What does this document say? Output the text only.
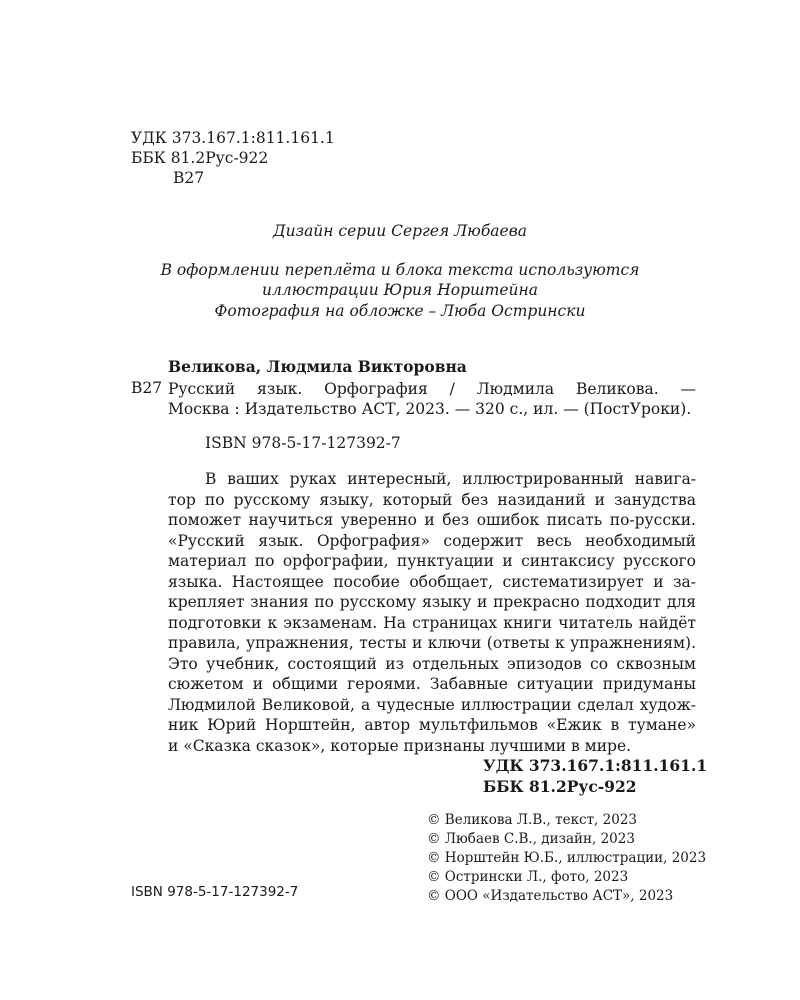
УДК 373.167.1:811.161.1
ББК 81.2Рус-922
В27
Дизайн серии Сергея Любаева
В оформлении переплёта и блока текста используются
иллюстрации Юрия Норштейна
Фотография на обложке – Люба Острински
Великова, Людмила Викторовна
В27 Русский язык. Орфография / Людмила Великова. —

Москва : Издательство АСТ, 2023. — 320 с., ил. — (ПостУроки).

ISBN 978-5-17-127392-7
В ваших руках интересный, иллюстрированный навига-
тор по русскому языку, который без назиданий и занудства
поможет научиться уверенно и без ошибок писать по-русски.
«Русский язык. Орфография» содержит весь необходимый
материал по орфографии, пунктуации и синтаксису русского
языка. Настоящее пособие обобщает, систематизирует и за-
крепляет знания по русскому языку и прекрасно подходит для
подготовки к экзаменам. На страницах книги читатель найдёт
правила, упражнения, тесты и ключи (ответы к упражнениям).
Это учебник, состоящий из отдельных эпизодов со сквозным
сюжетом и общими героями. Забавные ситуации придуманы
Людмилой Великовой, а чудесные иллюстрации сделал худож-
ник Юрий Норштейн, автор мультфильмов «Ежик в тумане»
и «Сказка сказок», которые признаны лучшими в мире.
УДК 373.167.1:811.161.1
ББК 81.2Рус-922
© Великова Л.В., текст, 2023
© Любаев С.В., дизайн, 2023
© Норштейн Ю.Б., иллюстрации, 2023
© Острински Л., фото, 2023
© ООО «Издательство АСТ», 2023
ISBN 978-5-17-127392-7
